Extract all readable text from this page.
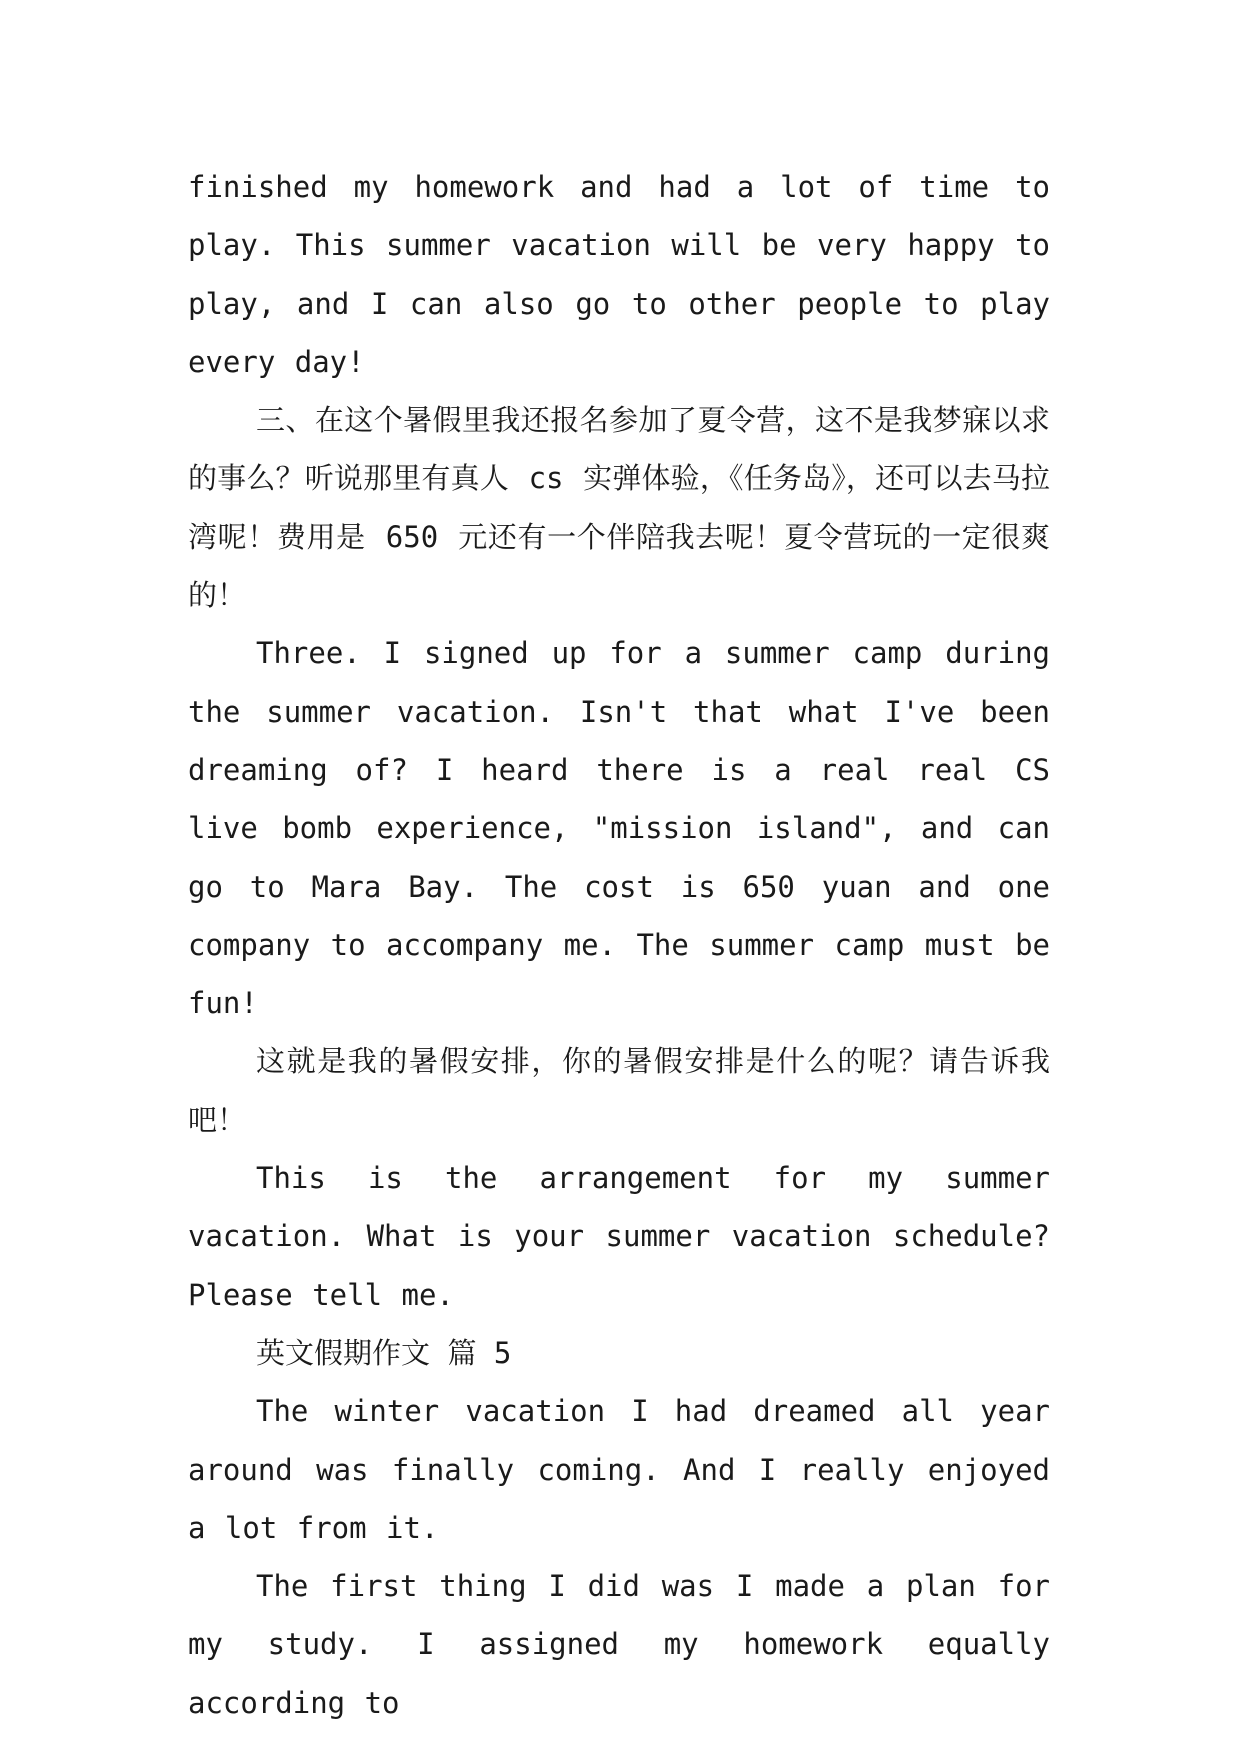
finished my homework and had a lot of time to play. This summer vacation will be very happy to play, and I can also go to other people to play every day!

三、在这个暑假里我还报名参加了夏令营，这不是我梦寐以求的事么？听说那里有真人 cs 实弹体验，《任务岛》，还可以去马拉湾呢！费用是 650 元还有一个伴陪我去呢！夏令营玩的一定很爽的！

Three. I signed up for a summer camp during the summer vacation. Isn't that what I've been dreaming of? I heard there is a real real CS live bomb experience, "mission island", and can go to Mara Bay. The cost is 650 yuan and one company to accompany me. The summer camp must be fun!

这就是我的暑假安排，你的暑假安排是什么的呢？请告诉我吧！

This is the arrangement for my summer vacation. What is your summer vacation schedule? Please tell me.

英文假期作文 篇 5

The winter vacation I had dreamed all year around was finally coming. And I really enjoyed a lot from it.

The first thing I did was I made a plan for my study. I assigned my homework equally according to
